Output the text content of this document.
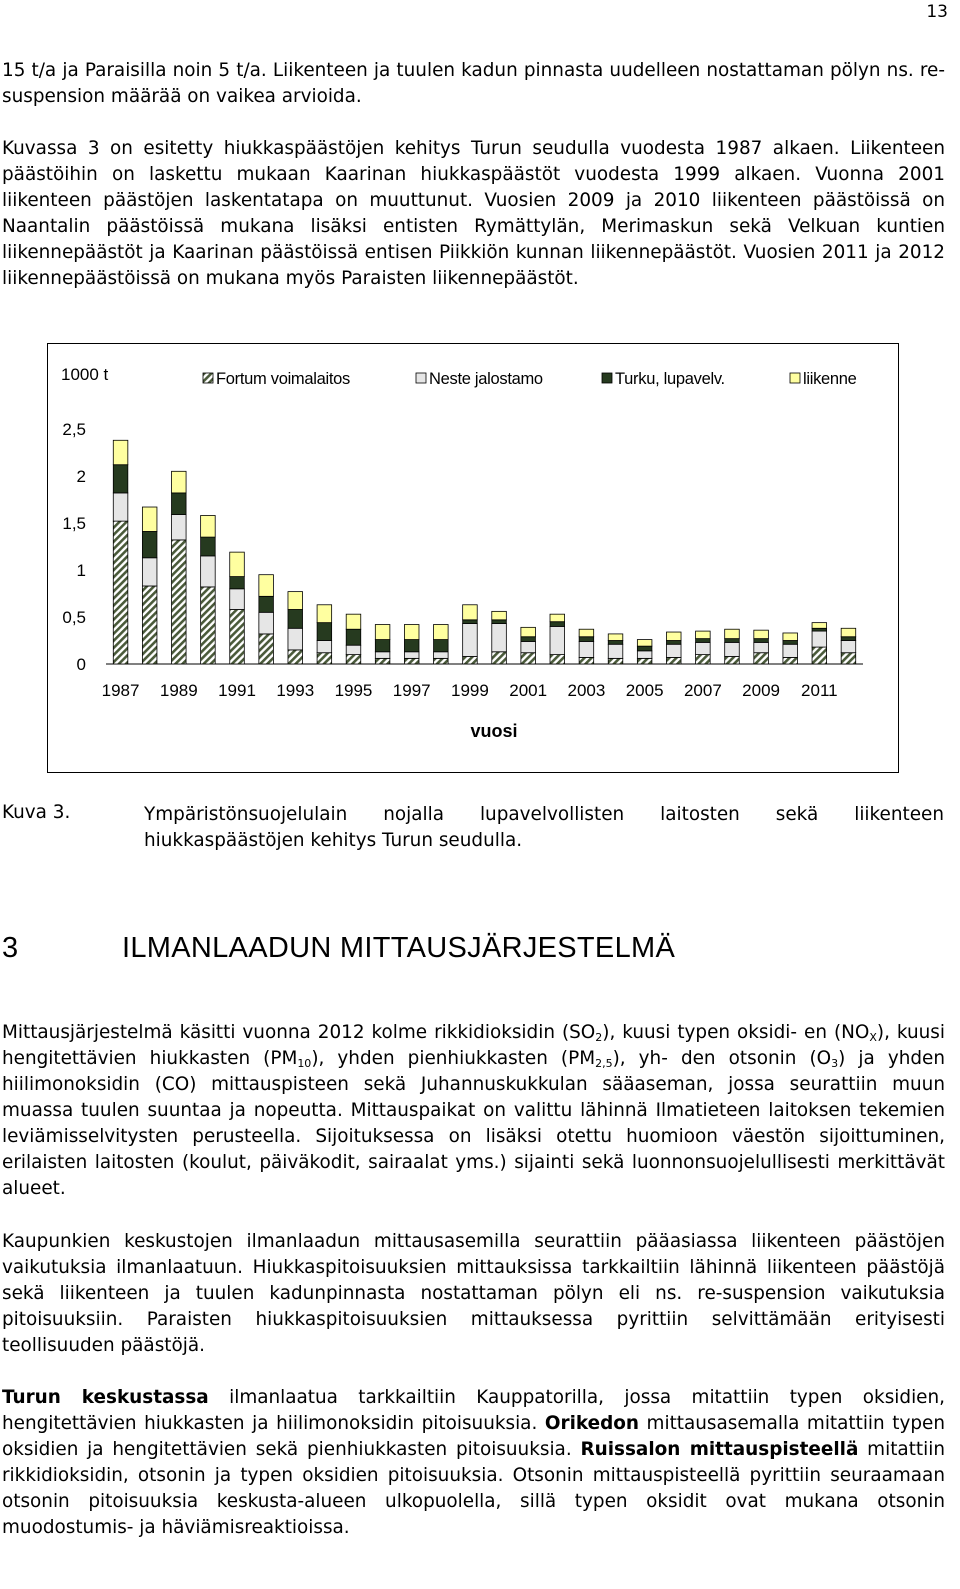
13

15 t/a ja Paraisilla noin 5 t/a. Liikenteen ja tuulen kadun pinnasta uudelleen nostattaman pölyn ns. re-suspension määrää on vaikea arvioida.

Kuvassa 3 on esitetty hiukkaspäästöjen kehitys Turun seudulla vuodesta 1987 alkaen. Liikenteen päästöihin on laskettu mukaan Kaarinan hiukkaspäästöt vuodesta 1999 alkaen. Vuonna 2001 liikenteen päästöjen laskentatapa on muuttunut. Vuosien 2009 ja 2010 liikenteen päästöissä on Naantalin päästöissä mukana lisäksi entisten Rymättylän, Merimaskun sekä Velkuan kuntien liikennepäästöt ja Kaarinan päästöissä entisen Piikkiön kunnan liikennepäästöt. Vuosien 2011 ja 2012 liikennepäästöissä on mukana myös Paraisten liikennepäästöt.

0
0,5
1
1,5
2
2,5
1000 t
1987 1989 1991 1993 1995 1997 1999 2001 2003 2005 2007 2009 2011
vuosi
Fortum voimalaitos	Neste jalostamo	Turku, lupavelv.	liikenne
Kuva 3.	Ympäristönsuojelulain nojalla lupavelvollisten laitosten sekä liikenteen
hiukkaspäästöjen kehitys Turun seudulla.
3	ILMANLAADUN MITTAUSJÄRJESTELMÄ

Mittausjärjestelmä käsitti vuonna 2012 kolme rikkidioksidin $(SO_2)$, kuusi typen oksidi- en $(NO_X)$, kuusi hengitettävien hiukkasten $(PM_{10})$, yhden pienhiukkasten $(PM_{2,5})$, yh- den otsonin $(O_3)$ ja yhden hiilimonoksidin (CO) mittauspisteen sekä Juhannuskukkulan sääaseman, jossa seurattiin muun muassa tuulen suuntaa ja nopeutta. Mittauspaikat on valittu lähinnä Ilmatieteen laitoksen tekemien leviämisselvitysten perusteella. Sijoituksessa on lisäksi otettu huomioon väestön sijoittuminen, erilaisten laitosten (koulut, päiväkodit, sairaalat yms.) sijainti sekä luonnonsuojelullisesti merkittävät alueet.

Kaupunkien keskustojen ilmanlaadun mittausasemilla seurattiin pääasiassa liikenteen päästöjen vaikutuksia ilmanlaatuun. Hiukkaspitoisuuksien mittauksissa tarkkailtiin lähinnä liikenteen päästöjä sekä liikenteen ja tuulen kadunpinnasta nostattaman pölyn eli ns. re-suspension vaikutuksia pitoisuuksiin. Paraisten hiukkaspitoisuuksien mittauksessa pyrittiin selvittämään erityisesti teollisuuden päästöjä.

Turun keskustassa ilmanlaatua tarkkailtiin Kauppatorilla, jossa mitattiin typen oksidien, hengitettävien hiukkasten ja hiilimonoksidin pitoisuuksia. Orikedon mittausasemalla mitattiin typen oksidien ja hengitettävien sekä pienhiukkasten pitoisuuksia. Ruissalon mittauspisteellä mitattiin rikkidioksidin, otsonin ja typen oksidien pitoisuuksia. Otsonin mittauspisteellä pyrittiin seuraamaan otsonin pitoisuuksia keskusta-alueen ulkopuolella, sillä typen oksidit ovat mukana otsonin muodostumis- ja häviämisreaktioissa.
